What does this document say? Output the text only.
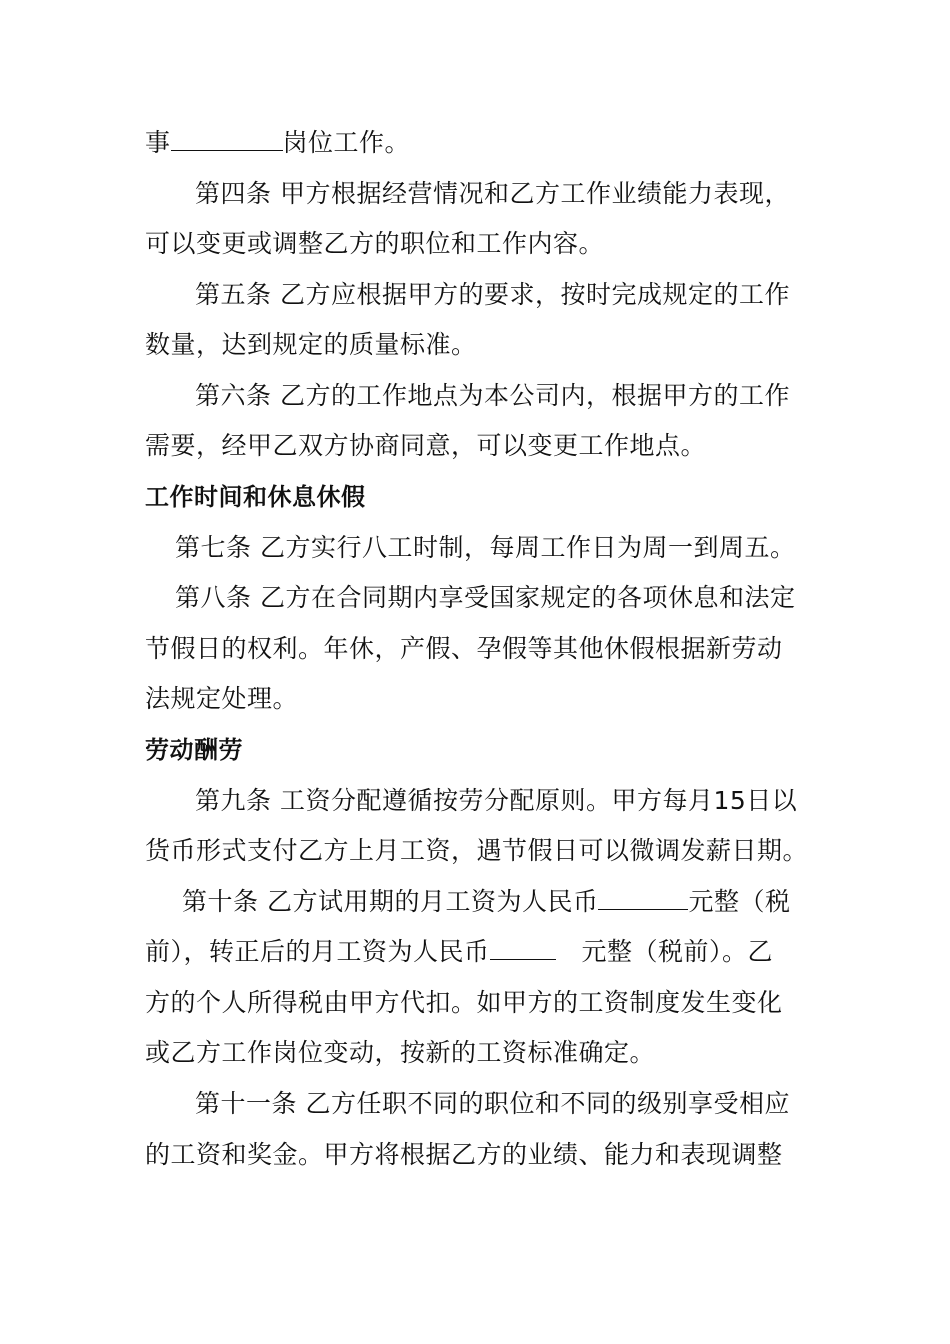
事	岗位工作。
第四条 甲方根据经营情况和乙方工作业绩能力表现，
可以变更或调整乙方的职位和工作内容。
第五条 乙方应根据甲方的要求，按时完成规定的工作
数量，达到规定的质量标准。
第六条 乙方的工作地点为本公司内，根据甲方的工作
需要，经甲乙双方协商同意，可以变更工作地点。
工作时间和休息休假
第七条 乙方实行八工时制，每周工作日为周一到周五。
第八条 乙方在合同期内享受国家规定的各项休息和法定
节假日的权利。年休，产假、孕假等其他休假根据新劳动
法规定处理。
劳动酬劳
第九条 工资分配遵循按劳分配原则。甲方每月15日以
货币形式支付乙方上月工资，遇节假日可以微调发薪日期。
第十条 乙方试用期的月工资为人民币	元整（税
前），转正后的月工资为人民币	元整（税前）。乙
方的个人所得税由甲方代扣。如甲方的工资制度发生变化
或乙方工作岗位变动，按新的工资标准确定。
第十一条 乙方任职不同的职位和不同的级别享受相应
的工资和奖金。甲方将根据乙方的业绩、能力和表现调整
